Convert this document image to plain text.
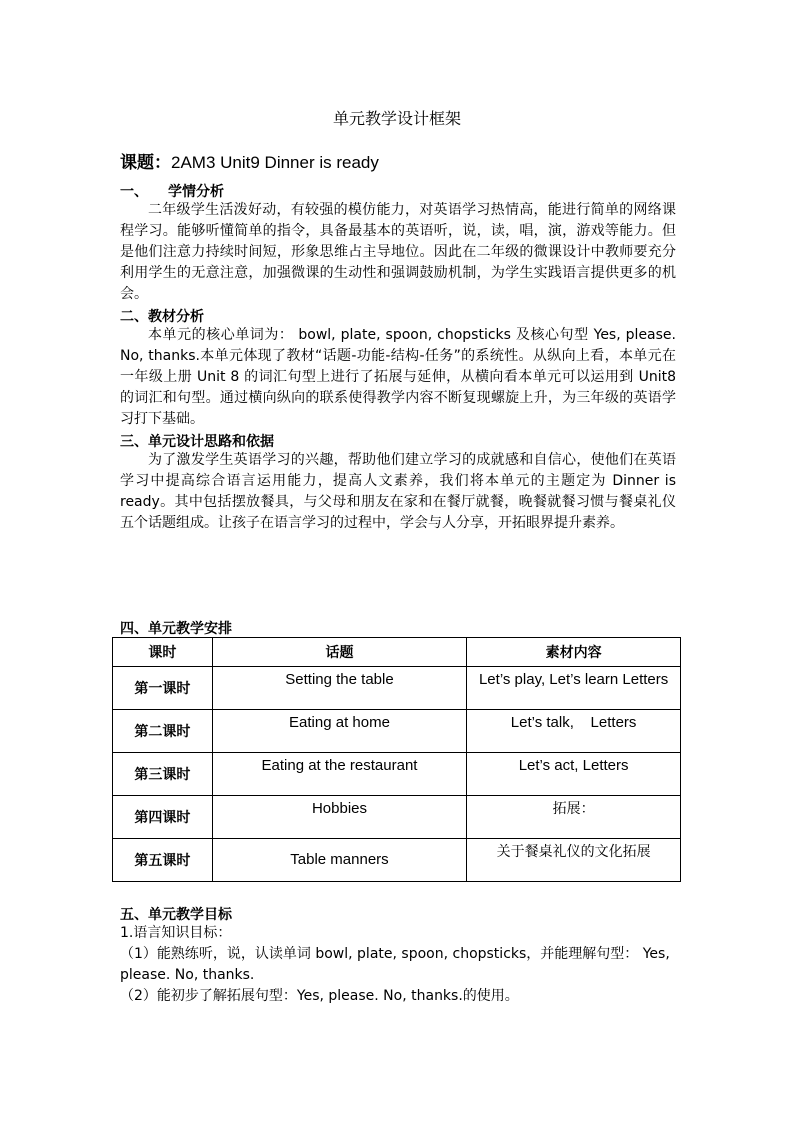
单元教学设计框架
课题：2AM3 Unit9 Dinner is ready
一、 学情分析
二年级学生活泼好动，有较强的模仿能力，对英语学习热情高，能进行简单的网络课程学习。能够听懂简单的指令，具备最基本的英语听，说，读，唱，演，游戏等能力。但是他们注意力持续时间短，形象思维占主导地位。因此在二年级的微课设计中教师要充分利用学生的无意注意，加强微课的生动性和强调鼓励机制，为学生实践语言提供更多的机会。
二、教材分析
本单元的核心单词为： bowl, plate, spoon, chopsticks 及核心句型 Yes, please. No, thanks.本单元体现了教材“话题-功能-结构-任务”的系统性。从纵向上看，本单元在一年级上册 Unit 8 的词汇句型上进行了拓展与延伸，从横向看本单元可以运用到 Unit8 的词汇和句型。通过横向纵向的联系使得教学内容不断复现螺旋上升，为三年级的英语学习打下基础。
三、单元设计思路和依据
为了激发学生英语学习的兴趣，帮助他们建立学习的成就感和自信心，使他们在英语学习中提高综合语言运用能力，提高人文素养，我们将本单元的主题定为 Dinner is ready。其中包括摆放餐具，与父母和朋友在家和在餐厅就餐，晚餐就餐习惯与餐桌礼仪五个话题组成。让孩子在语言学习的过程中，学会与人分享，开拓眼界提升素养。
四、单元教学安排
课时	话题	素材内容
第一课时	Setting the table	Let’s play, Let’s learn Letters
第二课时	Eating at home	Let’s talk,    Letters
第三课时	Eating at the restaurant	Let’s act, Letters
第四课时	Hobbies	拓展：
第五课时	Table manners	关于餐桌礼仪的文化拓展
五、单元教学目标
1.语言知识目标：
（1）能熟练听，说，认读单词 bowl, plate, spoon, chopsticks，并能理解句型： Yes, please. No, thanks.
（2）能初步了解拓展句型：Yes, please. No, thanks.的使用。
